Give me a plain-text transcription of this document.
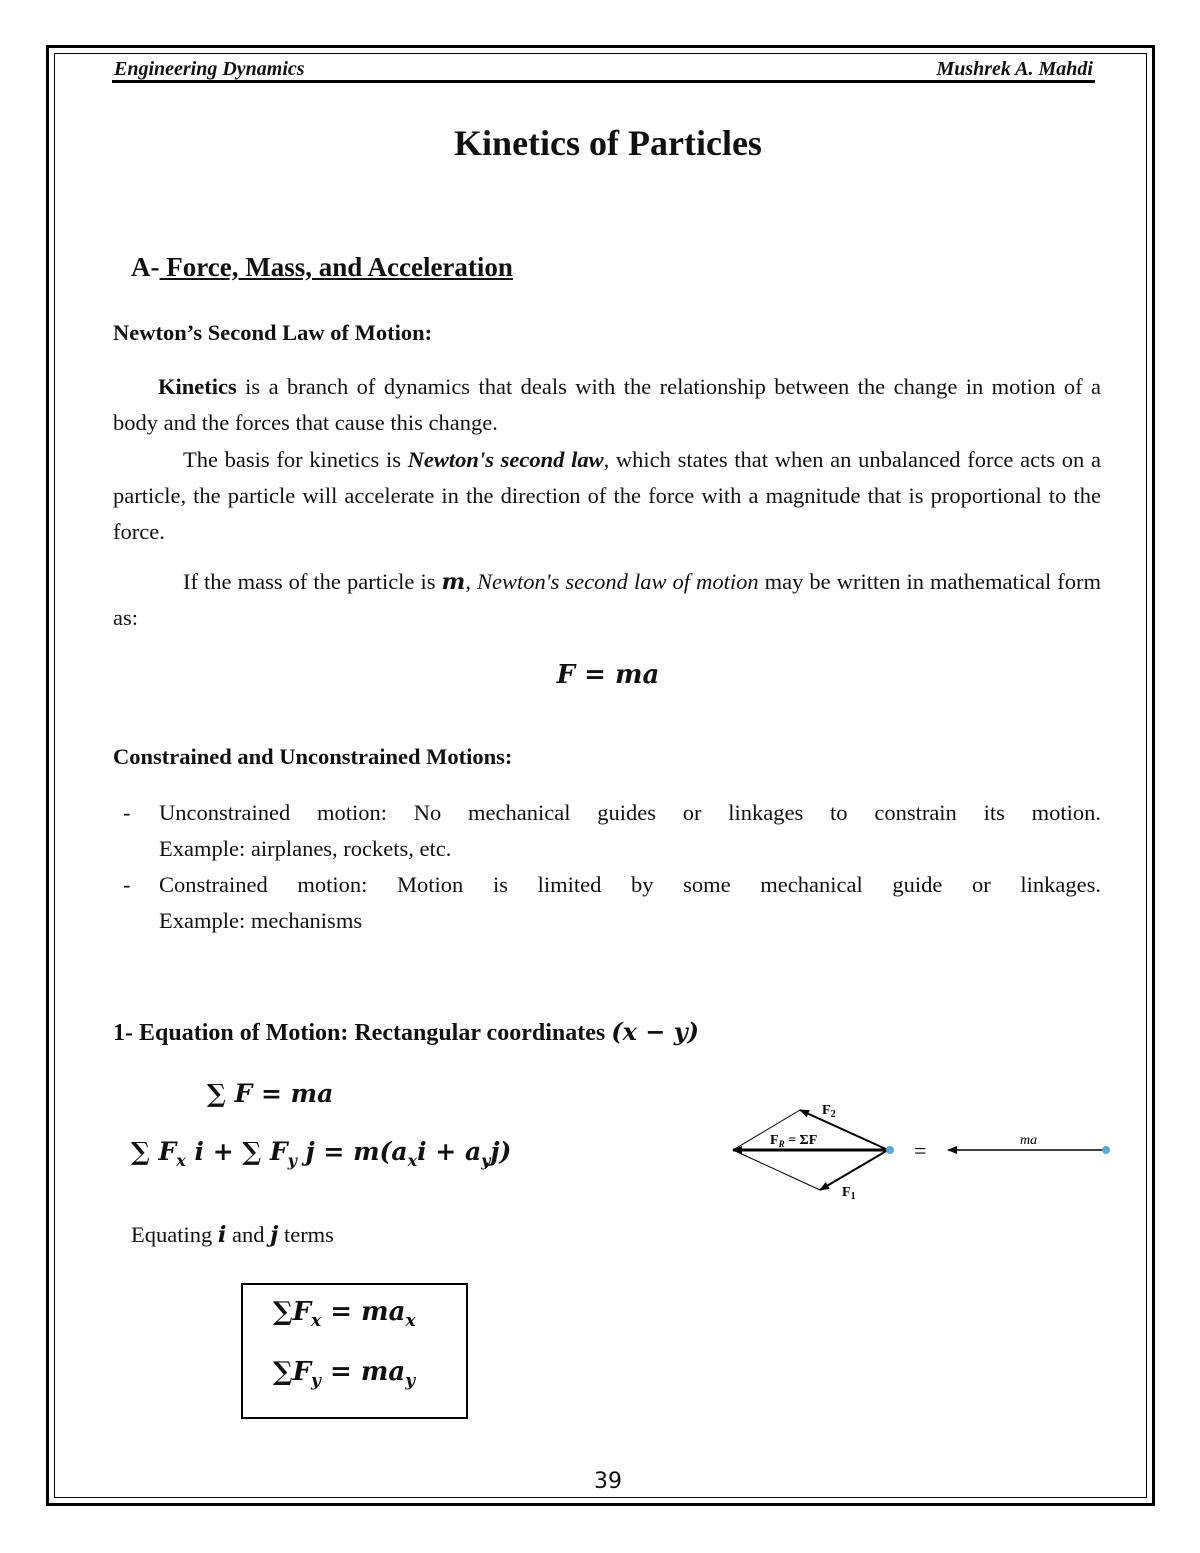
Engineering Dynamics	Mushrek A. Mahdi
Kinetics of Particles
A- Force, Mass, and Acceleration
Newton’s Second Law of Motion:
Kinetics is a branch of dynamics that deals with the relationship between the change in motion of a body and the forces that cause this change.
The basis for kinetics is Newton's second law, which states that when an unbalanced force acts on a particle, the particle will accelerate in the direction of the force with a magnitude that is proportional to the force.
If the mass of the particle is m, Newton's second law of motion may be written in mathematical form as:
F = ma
Constrained and Unconstrained Motions:
- Unconstrained motion: No mechanical guides or linkages to constrain its motion.
Example: airplanes, rockets, etc.
- Constrained motion: Motion is limited by some mechanical guide or linkages.
Example: mechanisms
1- Equation of Motion: Rectangular coordinates (x − y)
∑ F = ma
∑ $F_x$ i + ∑ $F_y$ $j = m(a_xi + a_yj)$
Equating i and j terms
$\sum F_x = ma_x$
$\sum F_y = ma_y$
$F_2$
$F_1$
$F_R = \Sigma F$	=	ma
39
